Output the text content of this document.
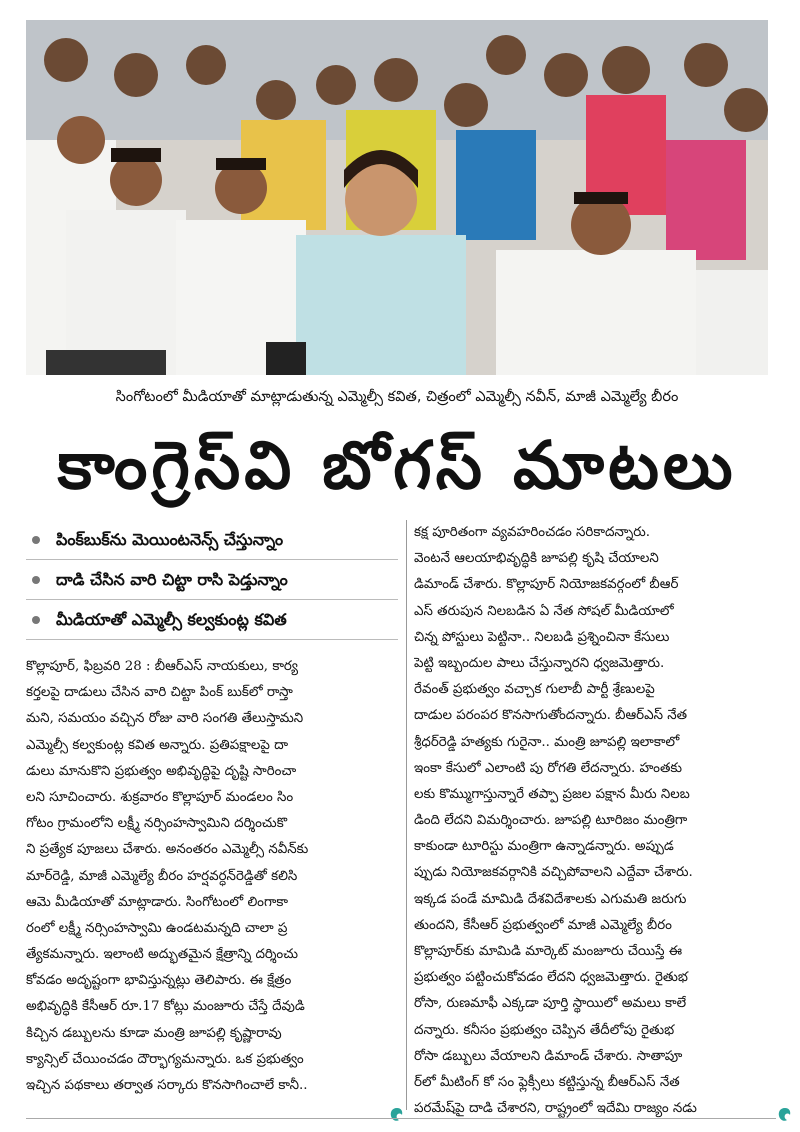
సింగోటంలో మీడియాతో మాట్లాడుతున్న ఎమ్మెల్సీ కవిత, చిత్రంలో ఎమ్మెల్సీ నవీన్, మాజీ ఎమ్మెల్యే బీరం
కాంగ్రెస్‌వి బోగస్ మాటలు
పింక్‌బుక్‌ను మెయింటనెన్స్ చేస్తున్నాం
దాడి చేసిన వారి చిట్టా రాసి పెడ్తున్నాం
మీడియాతో ఎమ్మెల్సీ కల్వకుంట్ల కవిత
కొల్లాపూర్, ఫిబ్రవరి 28 : బీఆర్ఎస్ నాయకులు, కార్య
కర్తలపై దాడులు చేసిన వారి చిట్టా పింక్ బుక్‌లో రాస్తా
మని, సమయం వచ్చిన రోజు వారి సంగతి తేలుస్తామని
ఎమ్మెల్సీ కల్వకుంట్ల కవిత అన్నారు. ప్రతిపక్షాలపై దా
డులు మానుకొని ప్రభుత్వం అభివృద్ధిపై దృష్టి సారించా
లని సూచించారు. శుక్రవారం కొల్లాపూర్ మండలం సిం
గోటం గ్రామంలోని లక్ష్మీ నర్సింహస్వామిని దర్శించుకొ
ని ప్రత్యేక పూజలు చేశారు. అనంతరం ఎమ్మెల్సీ నవీన్‌కు
మార్‌రెడ్డి, మాజీ ఎమ్మెల్యే బీరం హర్షవర్ధన్‌రెడ్డితో కలిసి
ఆమె మీడియాతో మాట్లాడారు. సింగోటంలో లింగాకా
రంలో లక్ష్మీ నర్సింహస్వామి ఉండటమన్నది చాలా ప్ర
త్యేకమన్నారు. ఇలాంటి అద్భుతమైన క్షేత్రాన్ని దర్శించు
కోవడం అదృష్టంగా భావిస్తున్నట్లు తెలిపారు. ఈ క్షేత్రం
అభివృద్ధికి కేసీఆర్ రూ.17 కోట్లు మంజూరు చేస్తే దేవుడి
కిచ్చిన డబ్బులను కూడా మంత్రి జూపల్లి కృష్ణారావు
క్యాన్సిల్ చేయించడం దౌర్భాగ్యమన్నారు. ఒక ప్రభుత్వం
ఇచ్చిన పథకాలు తర్వాత సర్కారు కొనసాగించాలే కానీ..
కక్ష పూరితంగా వ్యవహరించడం సరికాదన్నారు.
వెంటనే ఆలయాభివృద్ధికి జూపల్లి కృషి చేయాలని
డిమాండ్ చేశారు. కొల్లాపూర్ నియోజకవర్గంలో బీఆర్
ఎస్ తరుపున నిలబడిన ఏ నేత సోషల్ మీడియాలో
చిన్న పోస్టులు పెట్టినా.. నిలబడి ప్రశ్నించినా కేసులు
పెట్టి ఇబ్బందుల పాలు చేస్తున్నారని ధ్వజమెత్తారు.
రేవంత్ ప్రభుత్వం వచ్చాక గులాబీ పార్టీ శ్రేణులపై
దాడుల పరంపర కొనసాగుతోందన్నారు. బీఆర్ఎస్ నేత
శ్రీధర్‌రెడ్డి హత్యకు గురైనా.. మంత్రి జూపల్లి ఇలాకాలో
ఇంకా కేసులో ఎలాంటి పు రోగతి లేదన్నారు. హంతకు
లకు కొమ్ముగాస్తున్నారే తప్పా ప్రజల పక్షాన మీరు నిలబ
డింది లేదని విమర్శించారు. జూపల్లి టూరిజం మంత్రిగా
కాకుండా టూరిస్టు మంత్రిగా ఉన్నాడన్నారు. అప్పుడ
ప్పుడు నియోజకవర్గానికి వచ్చిపోవాలని ఎద్దేవా చేశారు.
ఇక్కడ పండే మామిడి దేశవిదేశాలకు ఎగుమతి జరుగు
తుందని, కేసీఆర్ ప్రభుత్వంలో మాజీ ఎమ్మెల్యే బీరం
కొల్లాపూర్‌కు మామిడి మార్కెట్ మంజూరు చేయిస్తే ఈ
ప్రభుత్వం పట్టించుకోవడం లేదని ధ్వజమెత్తారు. రైతుభ
రోసా, రుణమాఫీ ఎక్కడా పూర్తి స్థాయిలో అమలు కాలే
దన్నారు. కనీసం ప్రభుత్వం చెప్పిన తేదీలోపు రైతుభ
రోసా డబ్బులు వేయాలని డిమాండ్ చేశారు. సాతాపూ
ర్‌లో మీటింగ్ కో సం ఫ్లెక్సీలు కట్టిస్తున్న బీఆర్ఎస్ నేత
పరమేష్‌పై దాడి చేశారని, రాష్ట్రంలో ఇదేమి రాజ్యం నడు
